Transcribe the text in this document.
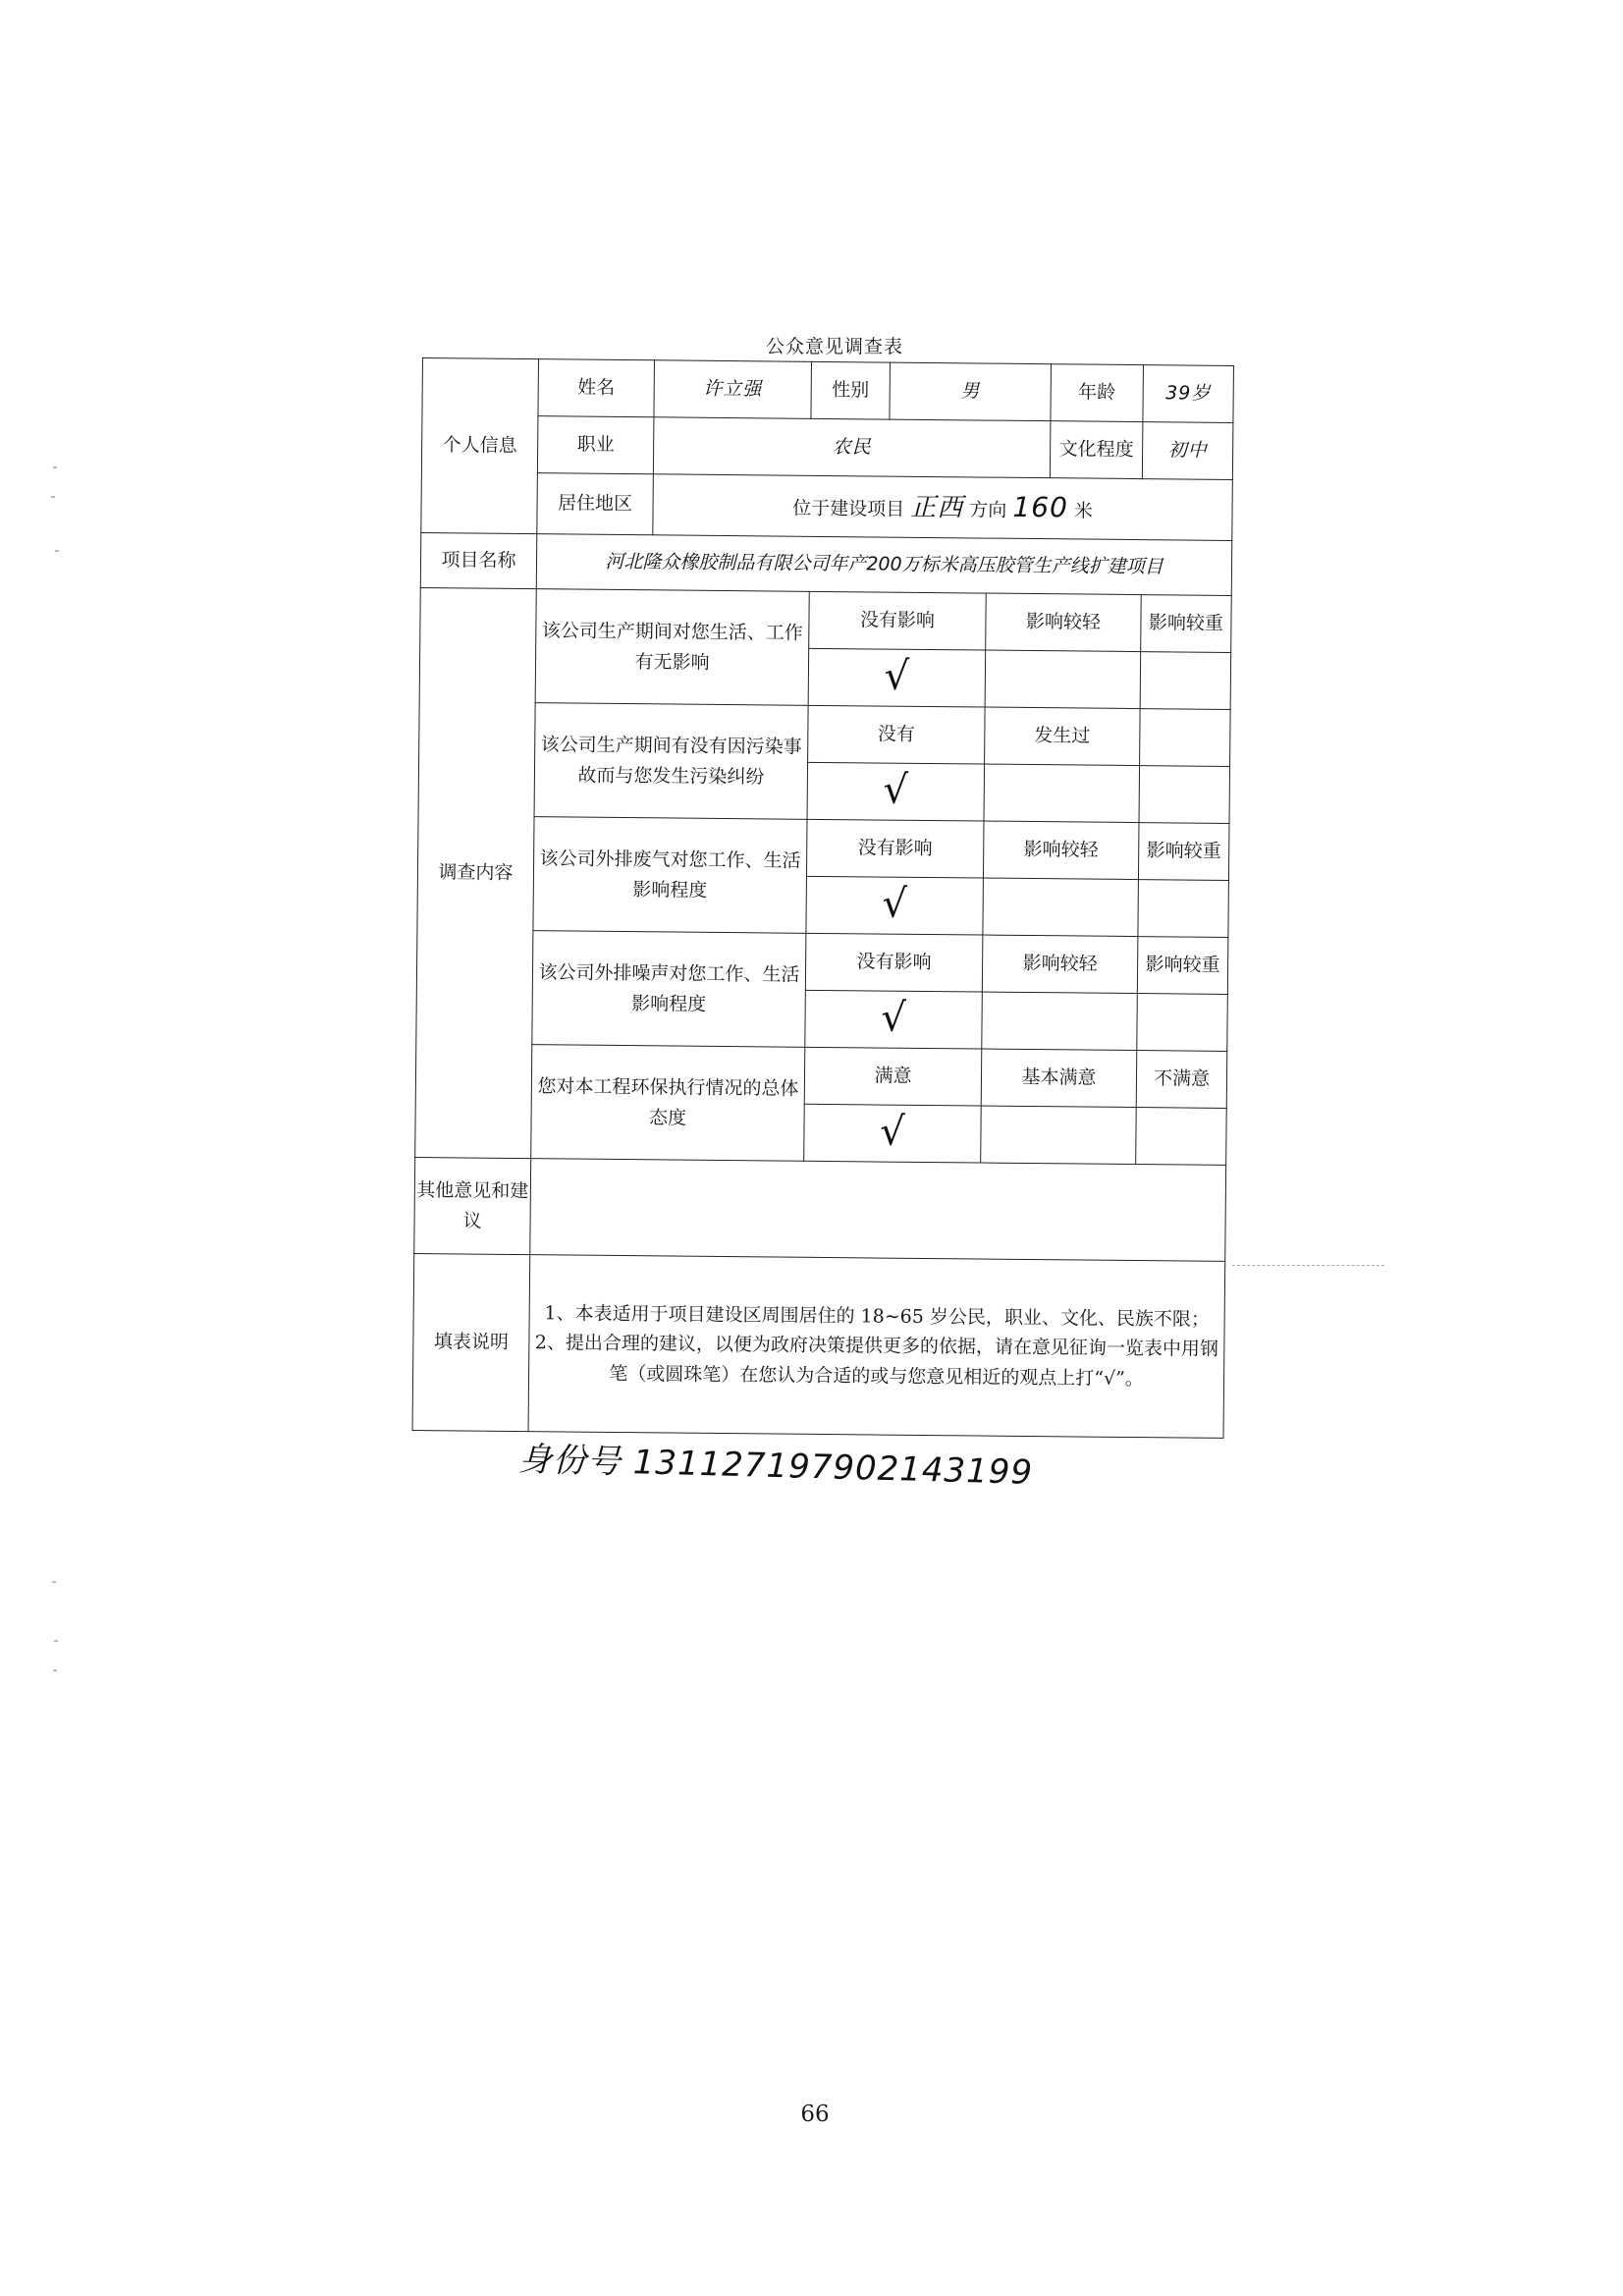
公众意见调查表
个人信息	姓名	许立强	性别	男		年龄	39岁
	职业	农民				文化程度	初中
	居住地区	位于建设项目 正西 方向 160 米					
项目名称	河北隆众橡胶制品有限公司年产200万标米高压胶管生产线扩建项目						
调查内容	该公司生产期间对您生活、工作有无影响		没有影响		影响较轻		影响较重
			√				
	该公司生产期间有没有因污染事故而与您发生污染纠纷		没有		发生过		
			√				
	该公司外排废气对您工作、生活影响程度		没有影响		影响较轻		影响较重
			√				
	该公司外排噪声对您工作、生活影响程度		没有影响		影响较轻		影响较重
			√				
	您对本工程环保执行情况的总体态度		满意		基本满意		不满意
			√				
其他意见和建议							
填表说明	1、本表适用于项目建设区周围居住的 18~65 岁公民，职业、文化、民族不限；
2、提出合理的建议，以便为政府决策提供更多的依据，请在意见征询一览表中用钢笔（或圆珠笔）在您认为合适的或与您意见相近的观点上打“√”。						
身份号 131127197902143199
66
